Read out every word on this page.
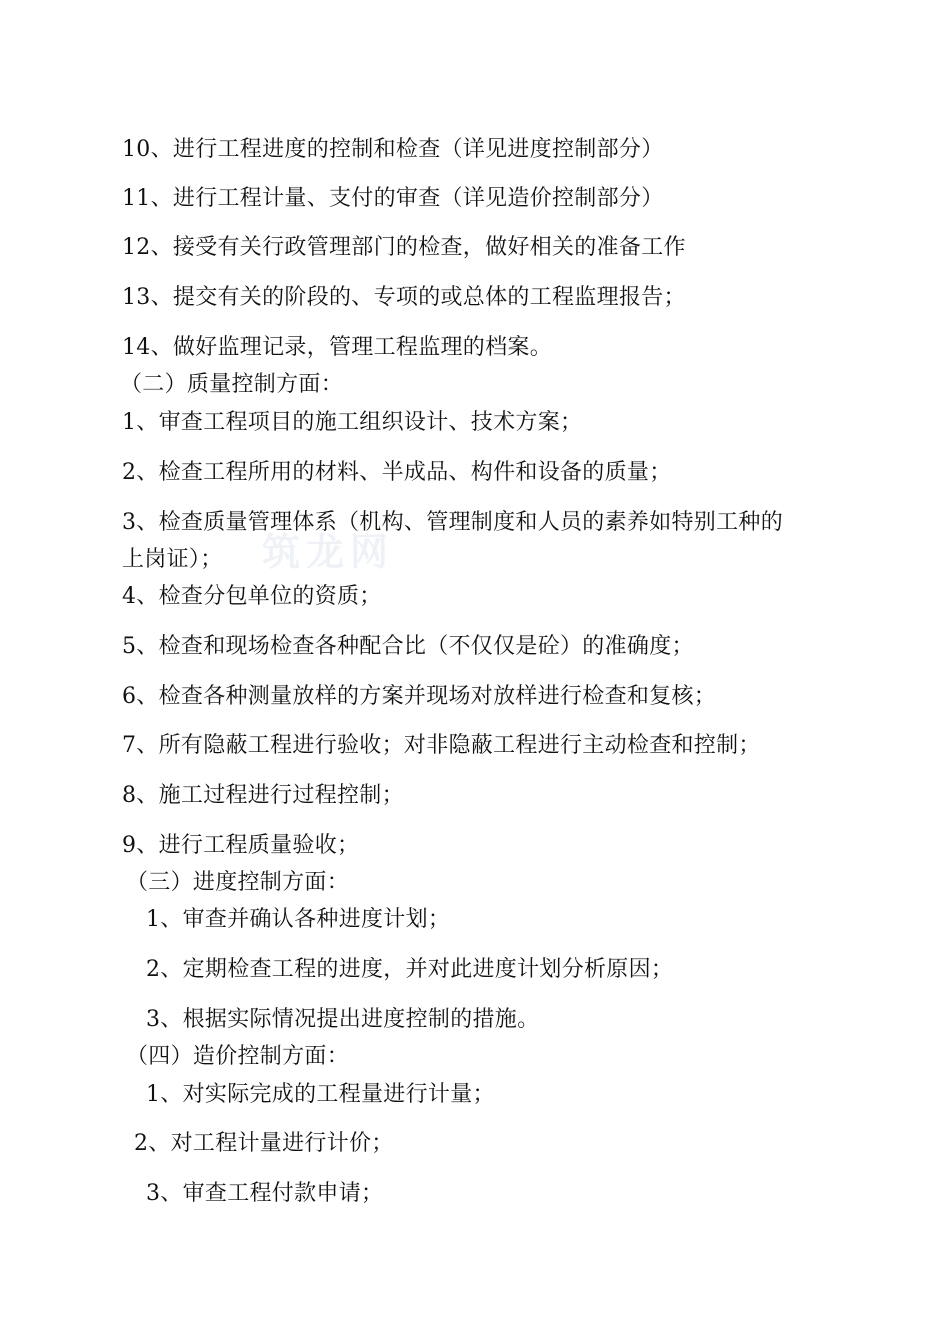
筑龙网
10、进行工程进度的控制和检查（详见进度控制部分）
11、进行工程计量、支付的审查（详见造价控制部分）
12、接受有关行政管理部门的检查，做好相关的准备工作
13、提交有关的阶段的、专项的或总体的工程监理报告；
14、做好监理记录，管理工程监理的档案。
（二）质量控制方面：
1、审查工程项目的施工组织设计、技术方案；
2、检查工程所用的材料、半成品、构件和设备的质量；
3、检查质量管理体系（机构、管理制度和人员的素养如特别工种的
上岗证）；
4、检查分包单位的资质；
5、检查和现场检查各种配合比（不仅仅是砼）的准确度；
6、检查各种测量放样的方案并现场对放样进行检查和复核；
7、所有隐蔽工程进行验收；对非隐蔽工程进行主动检查和控制；
8、施工过程进行过程控制；
9、进行工程质量验收；
（三）进度控制方面：
1、审查并确认各种进度计划；
2、定期检查工程的进度，并对此进度计划分析原因；
3、根据实际情况提出进度控制的措施。
（四）造价控制方面：
1、对实际完成的工程量进行计量；
2、对工程计量进行计价；
3、审查工程付款申请；
